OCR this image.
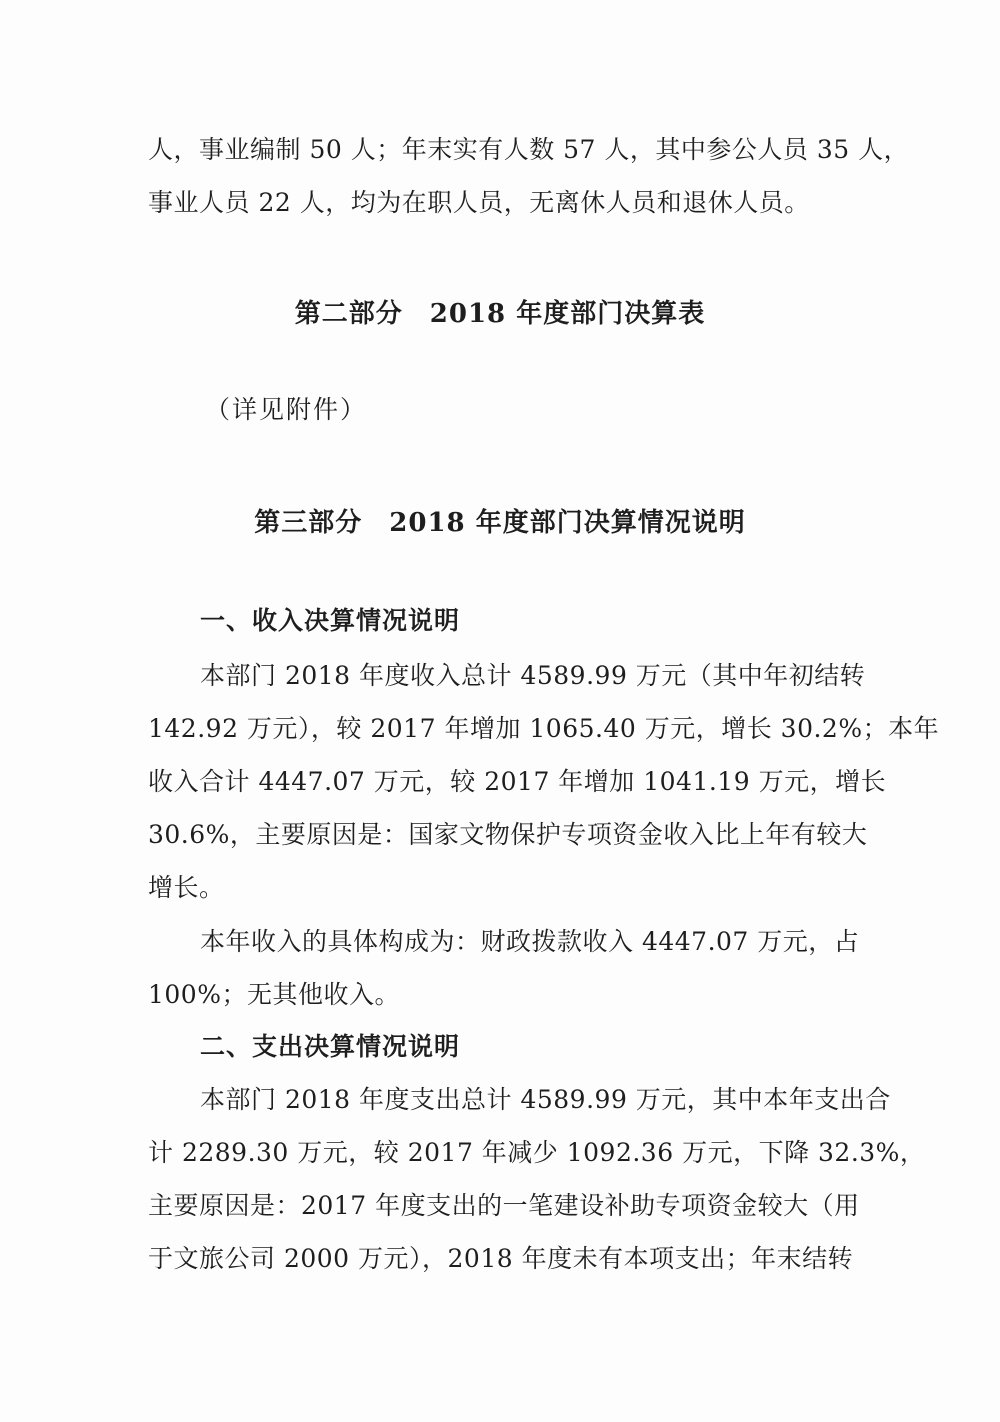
人，事业编制 50 人；年末实有人数 57 人，其中参公人员 35 人，
事业人员 22 人，均为在职人员，无离休人员和退休人员。
第二部分　2018 年度部门决算表
（详见附件）
第三部分　2018 年度部门决算情况说明
一、收入决算情况说明
本部门 2018 年度收入总计 4589.99 万元（其中年初结转
142.92 万元），较 2017 年增加 1065.40 万元，增长 30.2%；本年
收入合计 4447.07 万元，较 2017 年增加 1041.19 万元，增长
30.6%，主要原因是：国家文物保护专项资金收入比上年有较大
增长。
本年收入的具体构成为：财政拨款收入 4447.07 万元，占
100%；无其他收入。
二、支出决算情况说明
本部门 2018 年度支出总计 4589.99 万元，其中本年支出合
计 2289.30 万元，较 2017 年减少 1092.36 万元，下降 32.3%，
主要原因是：2017 年度支出的一笔建设补助专项资金较大（用
于文旅公司 2000 万元），2018 年度未有本项支出；年末结转
